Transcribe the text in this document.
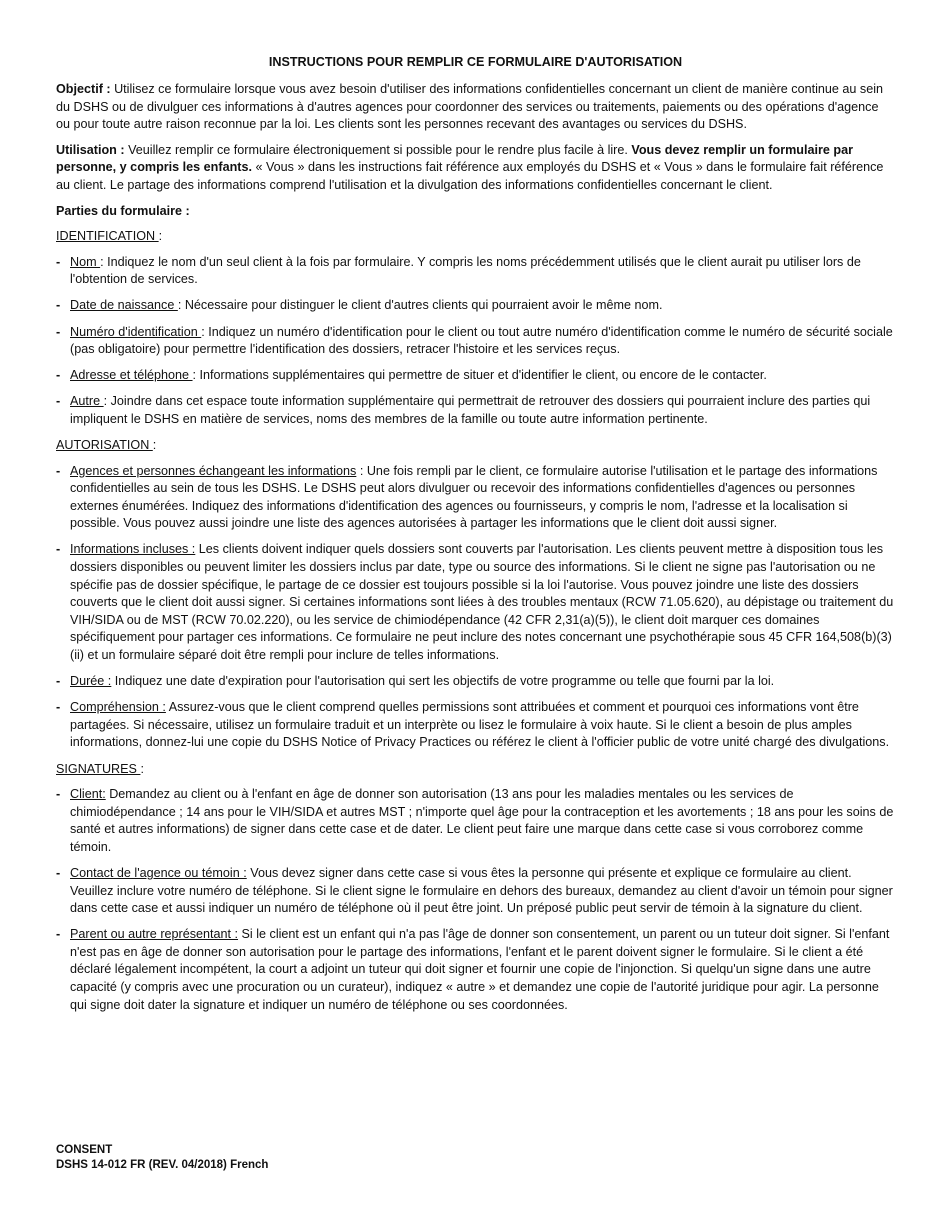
INSTRUCTIONS POUR REMPLIR CE FORMULAIRE D'AUTORISATION

Objectif : Utilisez ce formulaire lorsque vous avez besoin d'utiliser des informations confidentielles concernant un client de manière continue au sein du DSHS ou de divulguer ces informations à d'autres agences pour coordonner des services ou traitements, paiements ou des opérations d'agence ou pour toute autre raison reconnue par la loi. Les clients sont les personnes recevant des avantages ou services du DSHS.

Utilisation : Veuillez remplir ce formulaire électroniquement si possible pour le rendre plus facile à lire. Vous devez remplir un formulaire par personne, y compris les enfants. « Vous » dans les instructions fait référence aux employés du DSHS et « Vous » dans le formulaire fait référence au client. Le partage des informations comprend l'utilisation et la divulgation des informations confidentielles concernant le client.

Parties du formulaire :

IDENTIFICATION :
- Nom : Indiquez le nom d'un seul client à la fois par formulaire. Y compris les noms précédemment utilisés que le client aurait pu utiliser lors de l'obtention de services.
- Date de naissance : Nécessaire pour distinguer le client d'autres clients qui pourraient avoir le même nom.
- Numéro d'identification : Indiquez un numéro d'identification pour le client ou tout autre numéro d'identification comme le numéro de sécurité sociale (pas obligatoire) pour permettre l'identification des dossiers, retracer l'histoire et les services reçus.
- Adresse et téléphone : Informations supplémentaires qui permettre de situer et d'identifier le client, ou encore de le contacter.
- Autre : Joindre dans cet espace toute information supplémentaire qui permettrait de retrouver des dossiers qui pourraient inclure des parties qui impliquent le DSHS en matière de services, noms des membres de la famille ou toute autre information pertinente.
AUTORISATION :
- Agences et personnes échangeant les informations : Une fois rempli par le client, ce formulaire autorise l'utilisation et le partage des informations confidentielles au sein de tous les DSHS. Le DSHS peut alors divulguer ou recevoir des informations confidentielles d'agences ou personnes externes énumérées. Indiquez des informations d'identification des agences ou fournisseurs, y compris le nom, l'adresse et la localisation si possible. Vous pouvez aussi joindre une liste des agences autorisées à partager les informations que le client doit aussi signer.
- Informations incluses : Les clients doivent indiquer quels dossiers sont couverts par l'autorisation. Les clients peuvent mettre à disposition tous les dossiers disponibles ou peuvent limiter les dossiers inclus par date, type ou source des informations. Si le client ne signe pas l'autorisation ou ne spécifie pas de dossier spécifique, le partage de ce dossier est toujours possible si la loi l'autorise. Vous pouvez joindre une liste des dossiers couverts que le client doit aussi signer. Si certaines informations sont liées à des troubles mentaux (RCW 71.05.620), au dépistage ou traitement du VIH/SIDA ou de MST (RCW 70.02.220), ou les service de chimiodépendance (42 CFR 2,31(a)(5)), le client doit marquer ces domaines spécifiquement pour partager ces informations. Ce formulaire ne peut inclure des notes concernant une psychothérapie sous 45 CFR 164,508(b)(3)(ii) et un formulaire séparé doit être rempli pour inclure de telles informations.
- Durée : Indiquez une date d'expiration pour l'autorisation qui sert les objectifs de votre programme ou telle que fourni par la loi.
- Compréhension : Assurez-vous que le client comprend quelles permissions sont attribuées et comment et pourquoi ces informations vont être partagées. Si nécessaire, utilisez un formulaire traduit et un interprète ou lisez le formulaire à voix haute. Si le client a besoin de plus amples informations, donnez-lui une copie du DSHS Notice of Privacy Practices ou référez le client à l'officier public de votre unité chargé des divulgations.
SIGNATURES :
- Client: Demandez au client ou à l'enfant en âge de donner son autorisation (13 ans pour les maladies mentales ou les services de chimiodépendance ; 14 ans pour le VIH/SIDA et autres MST ; n'importe quel âge pour la contraception et les avortements ; 18 ans pour les soins de santé et autres informations) de signer dans cette case et de dater. Le client peut faire une marque dans cette case si vous corroborez comme témoin.
- Contact de l'agence ou témoin : Vous devez signer dans cette case si vous êtes la personne qui présente et explique ce formulaire au client. Veuillez inclure votre numéro de téléphone. Si le client signe le formulaire en dehors des bureaux, demandez au client d'avoir un témoin pour signer dans cette case et aussi indiquer un numéro de téléphone où il peut être joint. Un préposé public peut servir de témoin à la signature du client.
- Parent ou autre représentant : Si le client est un enfant qui n'a pas l'âge de donner son consentement, un parent ou un tuteur doit signer. Si l'enfant n'est pas en âge de donner son autorisation pour le partage des informations, l'enfant et le parent doivent signer le formulaire. Si le client a été déclaré légalement incompétent, la court a adjoint un tuteur qui doit signer et fournir une copie de l'injonction. Si quelqu'un signe dans une autre capacité (y compris avec une procuration ou un curateur), indiquez « autre » et demandez une copie de l'autorité juridique pour agir. La personne qui signe doit dater la signature et indiquer un numéro de téléphone ou ses coordonnées.
CONSENT
DSHS 14-012 FR (REV. 04/2018) French
